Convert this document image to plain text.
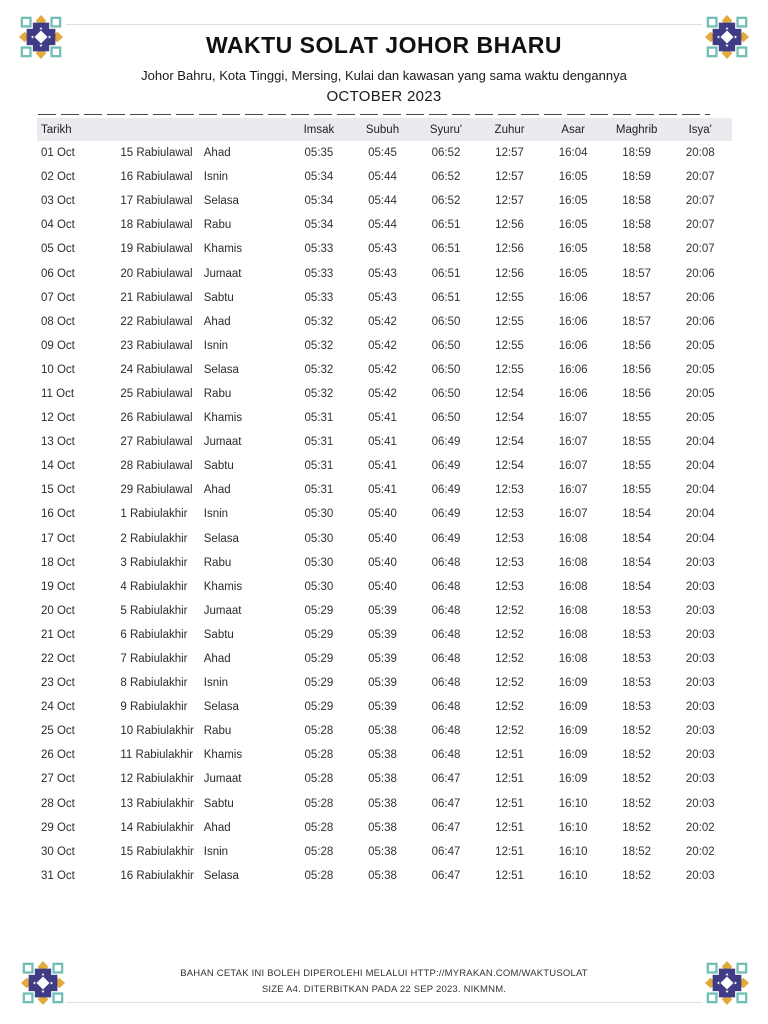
WAKTU SOLAT JOHOR BHARU
Johor Bahru, Kota Tinggi, Mersing, Kulai dan kawasan yang sama waktu dengannya
OCTOBER 2023
Tarikh			Imsak	Subuh	Syuru'	Zuhur	Asar	Maghrib	Isya'
01 Oct	15 Rabiulawal	Ahad	05:35	05:45	06:52	12:57	16:04	18:59	20:08
02 Oct	16 Rabiulawal	Isnin	05:34	05:44	06:52	12:57	16:05	18:59	20:07
03 Oct	17 Rabiulawal	Selasa	05:34	05:44	06:52	12:57	16:05	18:58	20:07
04 Oct	18 Rabiulawal	Rabu	05:34	05:44	06:51	12:56	16:05	18:58	20:07
05 Oct	19 Rabiulawal	Khamis	05:33	05:43	06:51	12:56	16:05	18:58	20:07
06 Oct	20 Rabiulawal	Jumaat	05:33	05:43	06:51	12:56	16:05	18:57	20:06
07 Oct	21 Rabiulawal	Sabtu	05:33	05:43	06:51	12:55	16:06	18:57	20:06
08 Oct	22 Rabiulawal	Ahad	05:32	05:42	06:50	12:55	16:06	18:57	20:06
09 Oct	23 Rabiulawal	Isnin	05:32	05:42	06:50	12:55	16:06	18:56	20:05
10 Oct	24 Rabiulawal	Selasa	05:32	05:42	06:50	12:55	16:06	18:56	20:05
11 Oct	25 Rabiulawal	Rabu	05:32	05:42	06:50	12:54	16:06	18:56	20:05
12 Oct	26 Rabiulawal	Khamis	05:31	05:41	06:50	12:54	16:07	18:55	20:05
13 Oct	27 Rabiulawal	Jumaat	05:31	05:41	06:49	12:54	16:07	18:55	20:04
14 Oct	28 Rabiulawal	Sabtu	05:31	05:41	06:49	12:54	16:07	18:55	20:04
15 Oct	29 Rabiulawal	Ahad	05:31	05:41	06:49	12:53	16:07	18:55	20:04
16 Oct	1 Rabiulakhir	Isnin	05:30	05:40	06:49	12:53	16:07	18:54	20:04
17 Oct	2 Rabiulakhir	Selasa	05:30	05:40	06:49	12:53	16:08	18:54	20:04
18 Oct	3 Rabiulakhir	Rabu	05:30	05:40	06:48	12:53	16:08	18:54	20:03
19 Oct	4 Rabiulakhir	Khamis	05:30	05:40	06:48	12:53	16:08	18:54	20:03
20 Oct	5 Rabiulakhir	Jumaat	05:29	05:39	06:48	12:52	16:08	18:53	20:03
21 Oct	6 Rabiulakhir	Sabtu	05:29	05:39	06:48	12:52	16:08	18:53	20:03
22 Oct	7 Rabiulakhir	Ahad	05:29	05:39	06:48	12:52	16:08	18:53	20:03
23 Oct	8 Rabiulakhir	Isnin	05:29	05:39	06:48	12:52	16:09	18:53	20:03
24 Oct	9 Rabiulakhir	Selasa	05:29	05:39	06:48	12:52	16:09	18:53	20:03
25 Oct	10 Rabiulakhir	Rabu	05:28	05:38	06:48	12:52	16:09	18:52	20:03
26 Oct	11 Rabiulakhir	Khamis	05:28	05:38	06:48	12:51	16:09	18:52	20:03
27 Oct	12 Rabiulakhir	Jumaat	05:28	05:38	06:47	12:51	16:09	18:52	20:03
28 Oct	13 Rabiulakhir	Sabtu	05:28	05:38	06:47	12:51	16:10	18:52	20:03
29 Oct	14 Rabiulakhir	Ahad	05:28	05:38	06:47	12:51	16:10	18:52	20:02
30 Oct	15 Rabiulakhir	Isnin	05:28	05:38	06:47	12:51	16:10	18:52	20:02
31 Oct	16 Rabiulakhir	Selasa	05:28	05:38	06:47	12:51	16:10	18:52	20:03
BAHAN CETAK INI BOLEH DIPEROLEHI MELALUI HTTP://MYRAKAN.COM/WAKTUSOLAT
SIZE A4. DITERBITKAN PADA 22 SEP 2023. NIKMNM.
